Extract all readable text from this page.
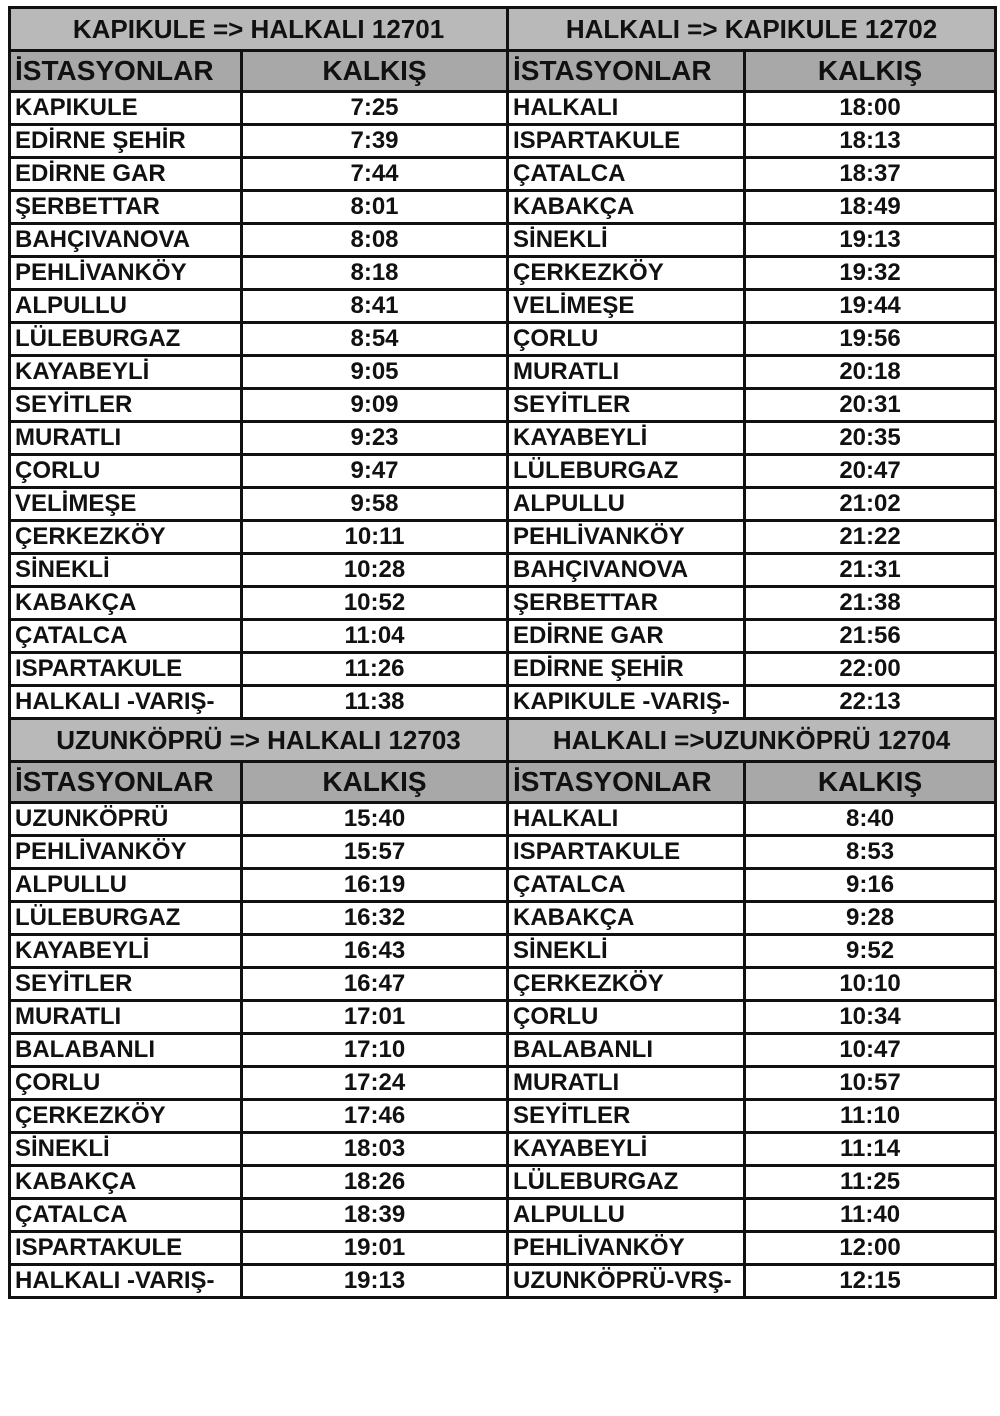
KAPIKULE => HALKALI 12701		HALKALI => KAPIKULE 12702	
İSTASYONLAR	KALKIŞ	İSTASYONLAR	KALKIŞ
KAPIKULE	7:25	HALKALI	18:00
EDİRNE ŞEHİR	7:39	ISPARTAKULE	18:13
EDİRNE GAR	7:44	ÇATALCA	18:37
ŞERBETTAR	8:01	KABAKÇA	18:49
BAHÇIVANOVA	8:08	SİNEKLİ	19:13
PEHLİVANKÖY	8:18	ÇERKEZKÖY	19:32
ALPULLU	8:41	VELİMEŞE	19:44
LÜLEBURGAZ	8:54	ÇORLU	19:56
KAYABEYLİ	9:05	MURATLI	20:18
SEYİTLER	9:09	SEYİTLER	20:31
MURATLI	9:23	KAYABEYLİ	20:35
ÇORLU	9:47	LÜLEBURGAZ	20:47
VELİMEŞE	9:58	ALPULLU	21:02
ÇERKEZKÖY	10:11	PEHLİVANKÖY	21:22
SİNEKLİ	10:28	BAHÇIVANOVA	21:31
KABAKÇA	10:52	ŞERBETTAR	21:38
ÇATALCA	11:04	EDİRNE GAR	21:56
ISPARTAKULE	11:26	EDİRNE ŞEHİR	22:00
HALKALI -VARIŞ-	11:38	KAPIKULE -VARIŞ-	22:13
UZUNKÖPRÜ => HALKALI 12703		HALKALI =>UZUNKÖPRÜ 12704	
İSTASYONLAR	KALKIŞ	İSTASYONLAR	KALKIŞ
UZUNKÖPRÜ	15:40	HALKALI	8:40
PEHLİVANKÖY	15:57	ISPARTAKULE	8:53
ALPULLU	16:19	ÇATALCA	9:16
LÜLEBURGAZ	16:32	KABAKÇA	9:28
KAYABEYLİ	16:43	SİNEKLİ	9:52
SEYİTLER	16:47	ÇERKEZKÖY	10:10
MURATLI	17:01	ÇORLU	10:34
BALABANLI	17:10	BALABANLI	10:47
ÇORLU	17:24	MURATLI	10:57
ÇERKEZKÖY	17:46	SEYİTLER	11:10
SİNEKLİ	18:03	KAYABEYLİ	11:14
KABAKÇA	18:26	LÜLEBURGAZ	11:25
ÇATALCA	18:39	ALPULLU	11:40
ISPARTAKULE	19:01	PEHLİVANKÖY	12:00
HALKALI -VARIŞ-	19:13	UZUNKÖPRÜ-VRŞ-	12:15
